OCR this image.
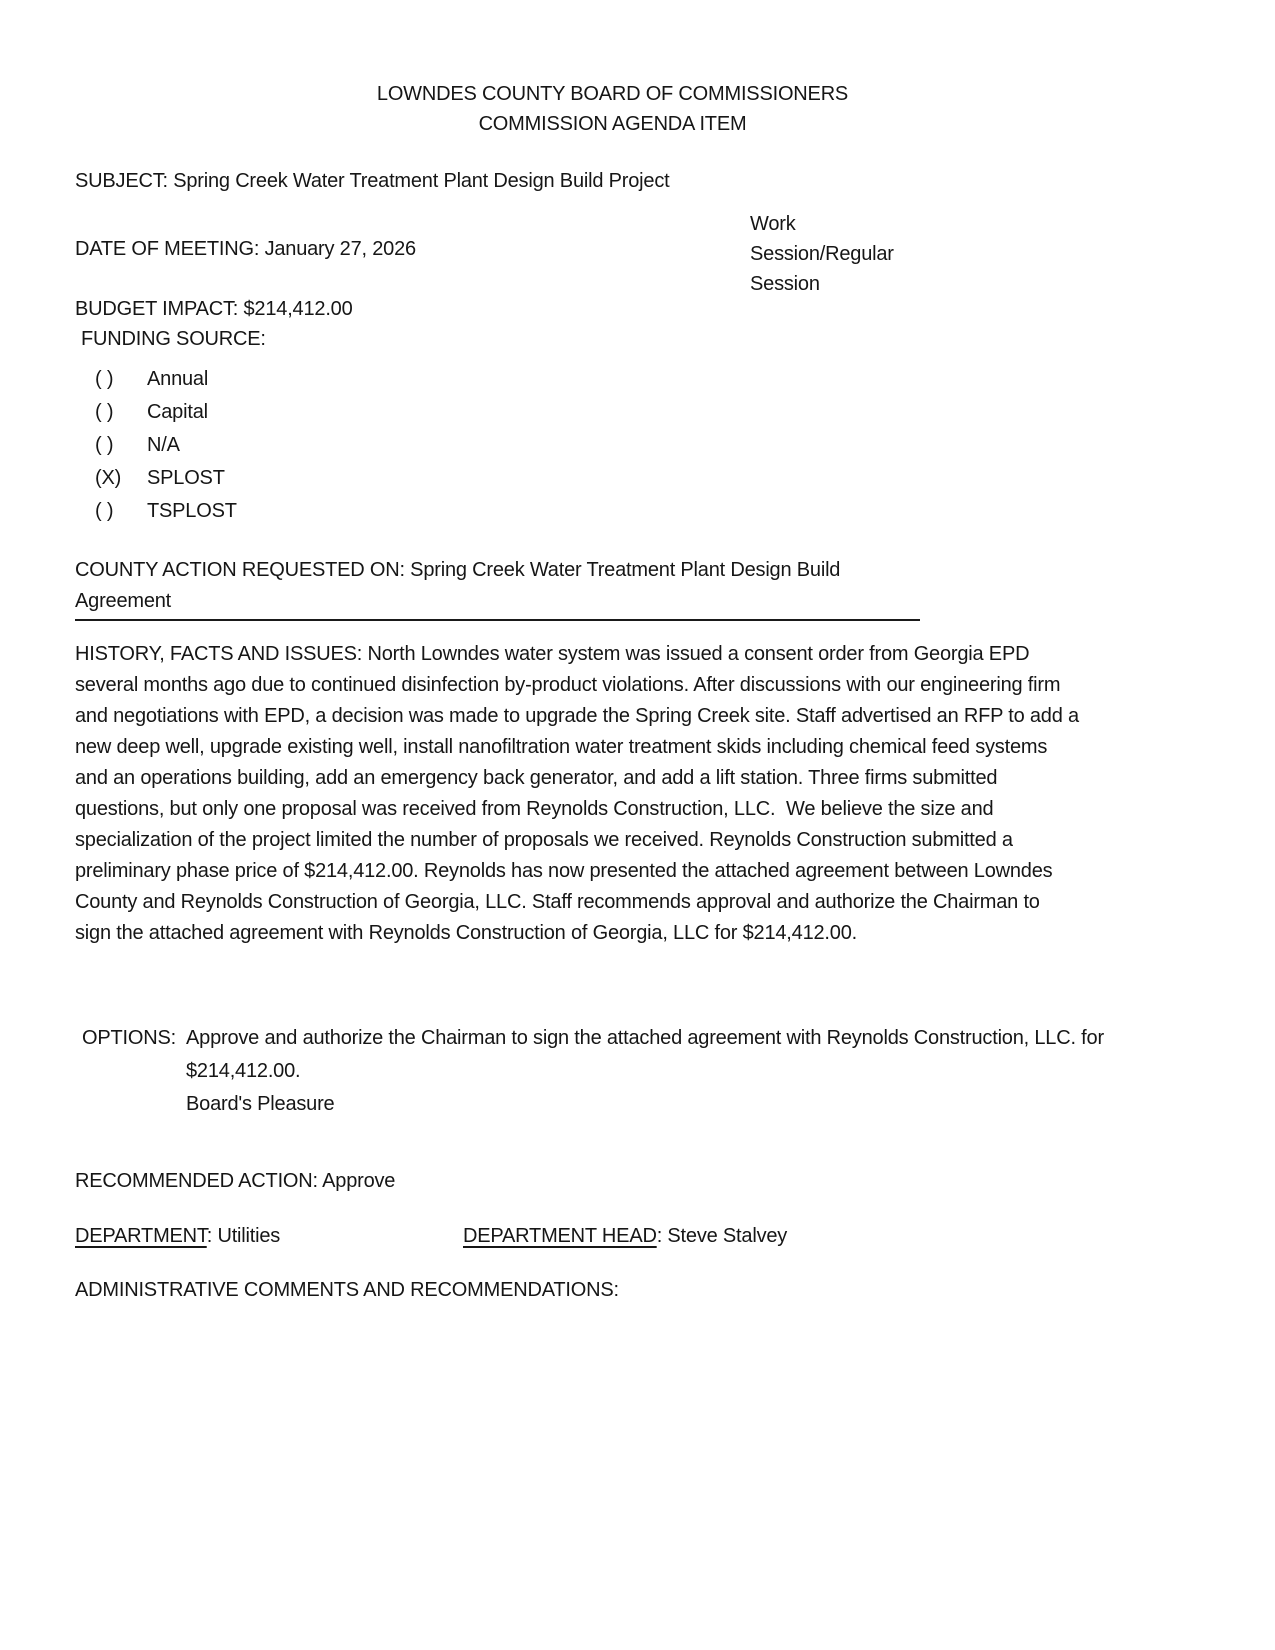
LOWNDES COUNTY BOARD OF COMMISSIONERS
COMMISSION AGENDA ITEM
SUBJECT: Spring Creek Water Treatment Plant Design Build Project
Work Session/Regular Session
DATE OF MEETING: January 27, 2026
BUDGET IMPACT: $214,412.00
FUNDING SOURCE:
( )	Annual
( )	Capital
( )	N/A
(X)	SPLOST
( )	TSPLOST
COUNTY ACTION REQUESTED ON: Spring Creek Water Treatment Plant Design Build
Agreement
HISTORY, FACTS AND ISSUES: North Lowndes water system was issued a consent order from Georgia EPD several months ago due to continued disinfection by-product violations. After discussions with our engineering firm and negotiations with EPD, a decision was made to upgrade the Spring Creek site. Staff advertised an RFP to add a new deep well, upgrade existing well, install nanofiltration water treatment skids including chemical feed systems and an operations building, add an emergency back generator, and add a lift station. Three firms submitted questions, but only one proposal was received from Reynolds Construction, LLC.  We believe the size and specialization of the project limited the number of proposals we received. Reynolds Construction submitted a preliminary phase price of $214,412.00. Reynolds has now presented the attached agreement between Lowndes County and Reynolds Construction of Georgia, LLC. Staff recommends approval and authorize the Chairman to sign the attached agreement with Reynolds Construction of Georgia, LLC for $214,412.00.
OPTIONS: Approve and authorize the Chairman to sign the attached agreement with Reynolds Construction, LLC. for $214,412.00.
Board's Pleasure
RECOMMENDED ACTION: Approve
DEPARTMENT: Utilities	DEPARTMENT HEAD: Steve Stalvey
ADMINISTRATIVE COMMENTS AND RECOMMENDATIONS:
